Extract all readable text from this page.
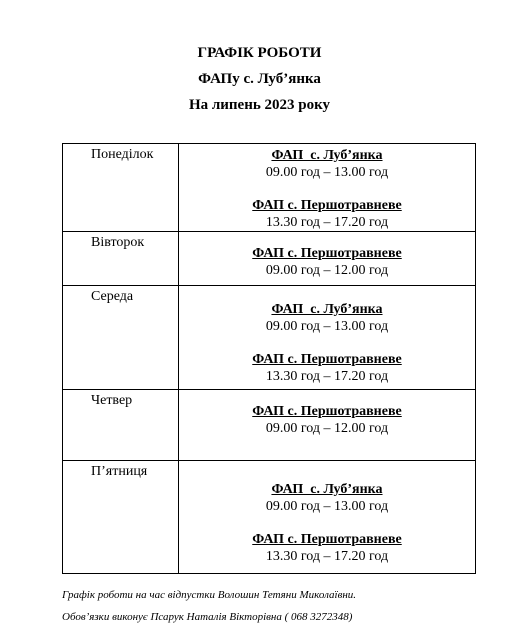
ГРАФІК РОБОТИ
ФАПу с. Луб’янка
На липень 2023 року
Понеділок	ФАП  с. Луб’янка
09.00 год – 13.00 год
ФАП с. Першотравневе
13.30 год – 17.20 год

Вівторок	ФАП с. Першотравневе
09.00 год – 12.00 год

Середа	ФАП  с. Луб’янка
09.00 год – 13.00 год
ФАП с. Першотравневе
13.30 год – 17.20 год

Четвер	ФАП с. Першотравневе
09.00 год – 12.00 год

П’ятниця	ФАП  с. Луб’янка
09.00 год – 13.00 год
ФАП с. Першотравневе
13.30 год – 17.20 год
Графік роботи на час відпустки Волошин Тетяни Миколаївни.
Обов’язки виконує Псарук Наталія Вікторівна ( 068 3272348)
